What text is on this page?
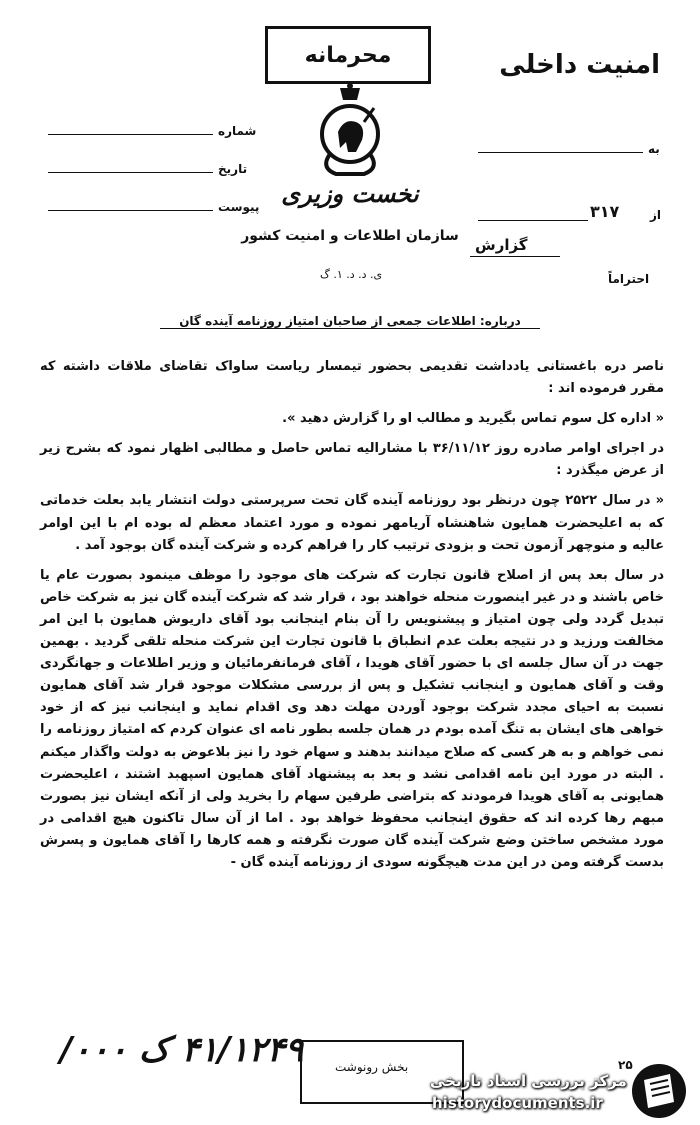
محرمانه	امنیت داخلی
نخست وزیری
سازمان اطلاعات و امنیت کشور
ی. د. د. ۱. گ
شماره
تاریخ
پیوست
به
از
۳۱۷
گزارش
احتراماً
درباره: اطلاعات جمعی از صاحبان امتیاز روزنامه آینده گان

ناصر دره باغستانی یادداشت تقدیمی بحضور تیمسار ریاست ساواک تقاضای ملاقات داشته که مقرر فرموده اند :

« اداره کل سوم تماس بگیرید و مطالب او را گزارش دهید ».

در اجرای اوامر صادره روز ۳۶/۱۱/۱۲ با مشارالیه تماس حاصل و مطالبی اظهار نمود که بشرح زیر از عرض میگذرد :

« در سال ۲۵۲۲ چون درنظر بود روزنامه آینده گان تحت سرپرستی دولت انتشار یابد بعلت خدماتی که به اعلیحضرت همایون شاهنشاه آریامهر نموده و مورد اعتماد معظم له بوده ام با این اوامر عالیه و منوچهر آزمون تحت و بزودی ترتیب کار را فراهم کرده و شرکت آینده گان بوجود آمد .

در سال بعد پس از اصلاح قانون تجارت که شرکت های موجود را موظف مینمود بصورت عام یا خاص باشند و در غیر اینصورت منحله خواهند بود ، قرار شد که شرکت آینده گان نیز به شرکت خاص تبدیل گردد ولی چون امتیاز و پیشنویس را آن بنام اینجانب بود آقای داریوش همایون با این امر مخالفت ورزید و در نتیجه بعلت عدم انطباق با قانون تجارت این شرکت منحله تلقی گردید . بهمین جهت در آن سال جلسه ای با حضور آقای هویدا ، آقای فرمانفرمائیان و وزیر اطلاعات و جهانگردی وقت و آقای همایون و اینجانب تشکیل و پس از بررسی مشکلات موجود قرار شد آقای همایون نسبت به احیای مجدد شرکت بوجود آوردن مهلت دهد وی اقدام نماید و اینجانب نیز که از خود خواهی های ایشان به تنگ آمده بودم در همان جلسه بطور نامه ای عنوان کردم که امتیاز روزنامه را نمی خواهم و به هر کسی که صلاح میدانند بدهند و سهام خود را نیز بلاعوض به دولت واگذار میکنم . البته در مورد این نامه اقدامی نشد و بعد به پیشنهاد آقای همایون اسپهبد اشتند ، اعلیحضرت همایونی به آقای هویدا فرمودند که بتراضی طرفین سهام را بخرید ولی از آنکه ایشان نیز بصورت مبهم رها کرده اند که حقوق اینجانب محفوظ خواهد بود . اما از آن سال تاکنون هیچ اقدامی در مورد مشخص ساختن وضع شرکت آینده گان صورت نگرفته و همه کارها را آقای همایون و پسرش بدست گرفته ومن در این مدت هیچگونه سودی از روزنامه آینده گان -

۴۱/۱۲۴۹ ک ۰۰۰/	بخش رونوشت	۲۵
مرکز بررسی اسناد تاریخی
historydocuments.ir
